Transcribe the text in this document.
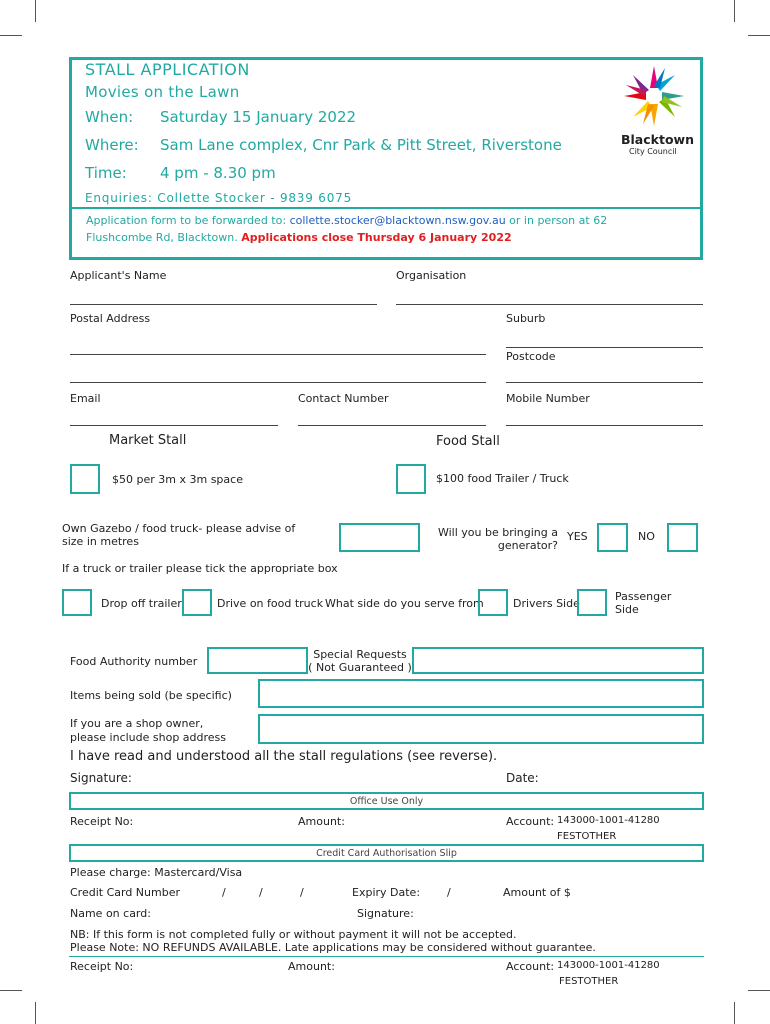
STALL APPLICATION
Movies on the Lawn
When: Saturday 15 January 2022
Where: Sam Lane complex, Cnr Park & Pitt Street, Riverstone
Time: 4 pm - 8.30 pm
Enquiries: Collette Stocker - 9839 6075
Application form to be forwarded to: collette.stocker@blacktown.nsw.gov.au or in person at 62
Flushcombe Rd, Blacktown. Applications close Thursday 6 January 2022
Blacktown
City Council
Applicant's Name	Organisation
Postal Address	Suburb
Postcode
Email	Contact Number	Mobile Number
Market Stall	Food Stall
$50 per 3m x 3m space	$100 food Trailer / Truck
Own Gazebo / food truck- please advise of
size in metres
Will you be bringing a
generator?
YES	NO
If a truck or trailer please tick the appropriate box
Drop off trailer	Drive on food truck What side do you serve from	Drivers Side
Passenger
Side
Food Authority number
Special Requests
( Not Guaranteed )
Items being sold (be specific)
If you are a shop owner,
please include shop address
I have read and understood all the stall regulations (see reverse).
Signature:	Date:
Office Use Only
Receipt No:	Amount:	Account: 143000-1001-41280
FESTOTHER
Credit Card Authorisation Slip
Please charge: Mastercard/Visa
Credit Card Number	/	/	/	Expiry Date: /	Amount of $
Name on card:	Signature:
NB: If this form is not completed fully or without payment it will not be accepted.
Please Note: NO REFUNDS AVAILABLE. Late applications may be considered without guarantee.
Receipt No:	Amount:	Account: 143000-1001-41280
FESTOTHER
